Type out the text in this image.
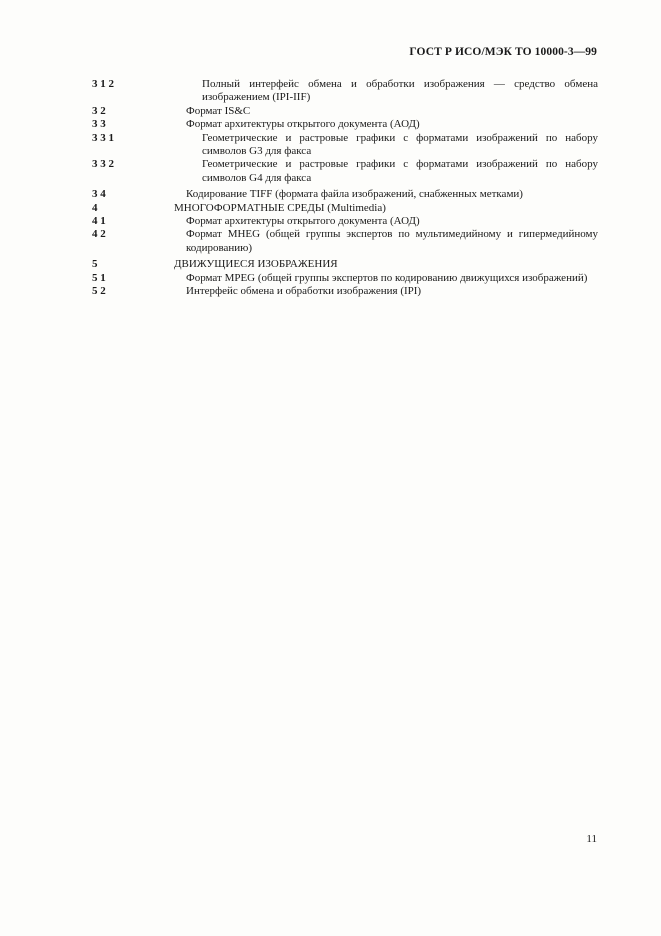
ГОСТ Р ИСО/МЭК ТО 10000-3—99
3 1 2	Полный интерфейс обмена и обработки изображения — средство обмена изображением (IPI-IIF)
3 2	Формат IS&C
3 3	Формат архитектуры открытого документа (АОД)
3 3 1	Геометрические и растровые графики с форматами изображений по набору символов G3 для факса
3 3 2	Геометрические и растровые графики с форматами изображений по набору символов G4 для факса
3 4	Кодирование TIFF (формата файла изображений, снабженных метками)
4	МНОГОФОРМАТНЫЕ СРЕДЫ (Multimedia)
4 1	Формат архитектуры открытого документа (АОД)
4 2	Формат MHEG (общей группы экспертов по мультимедийному и гипермедийному кодированию)
5	ДВИЖУЩИЕСЯ ИЗОБРАЖЕНИЯ
5 1	Формат MPEG (общей группы экспертов по кодированию движущихся изображений)
5 2	Интерфейс обмена и обработки изображения (IPI)
11
